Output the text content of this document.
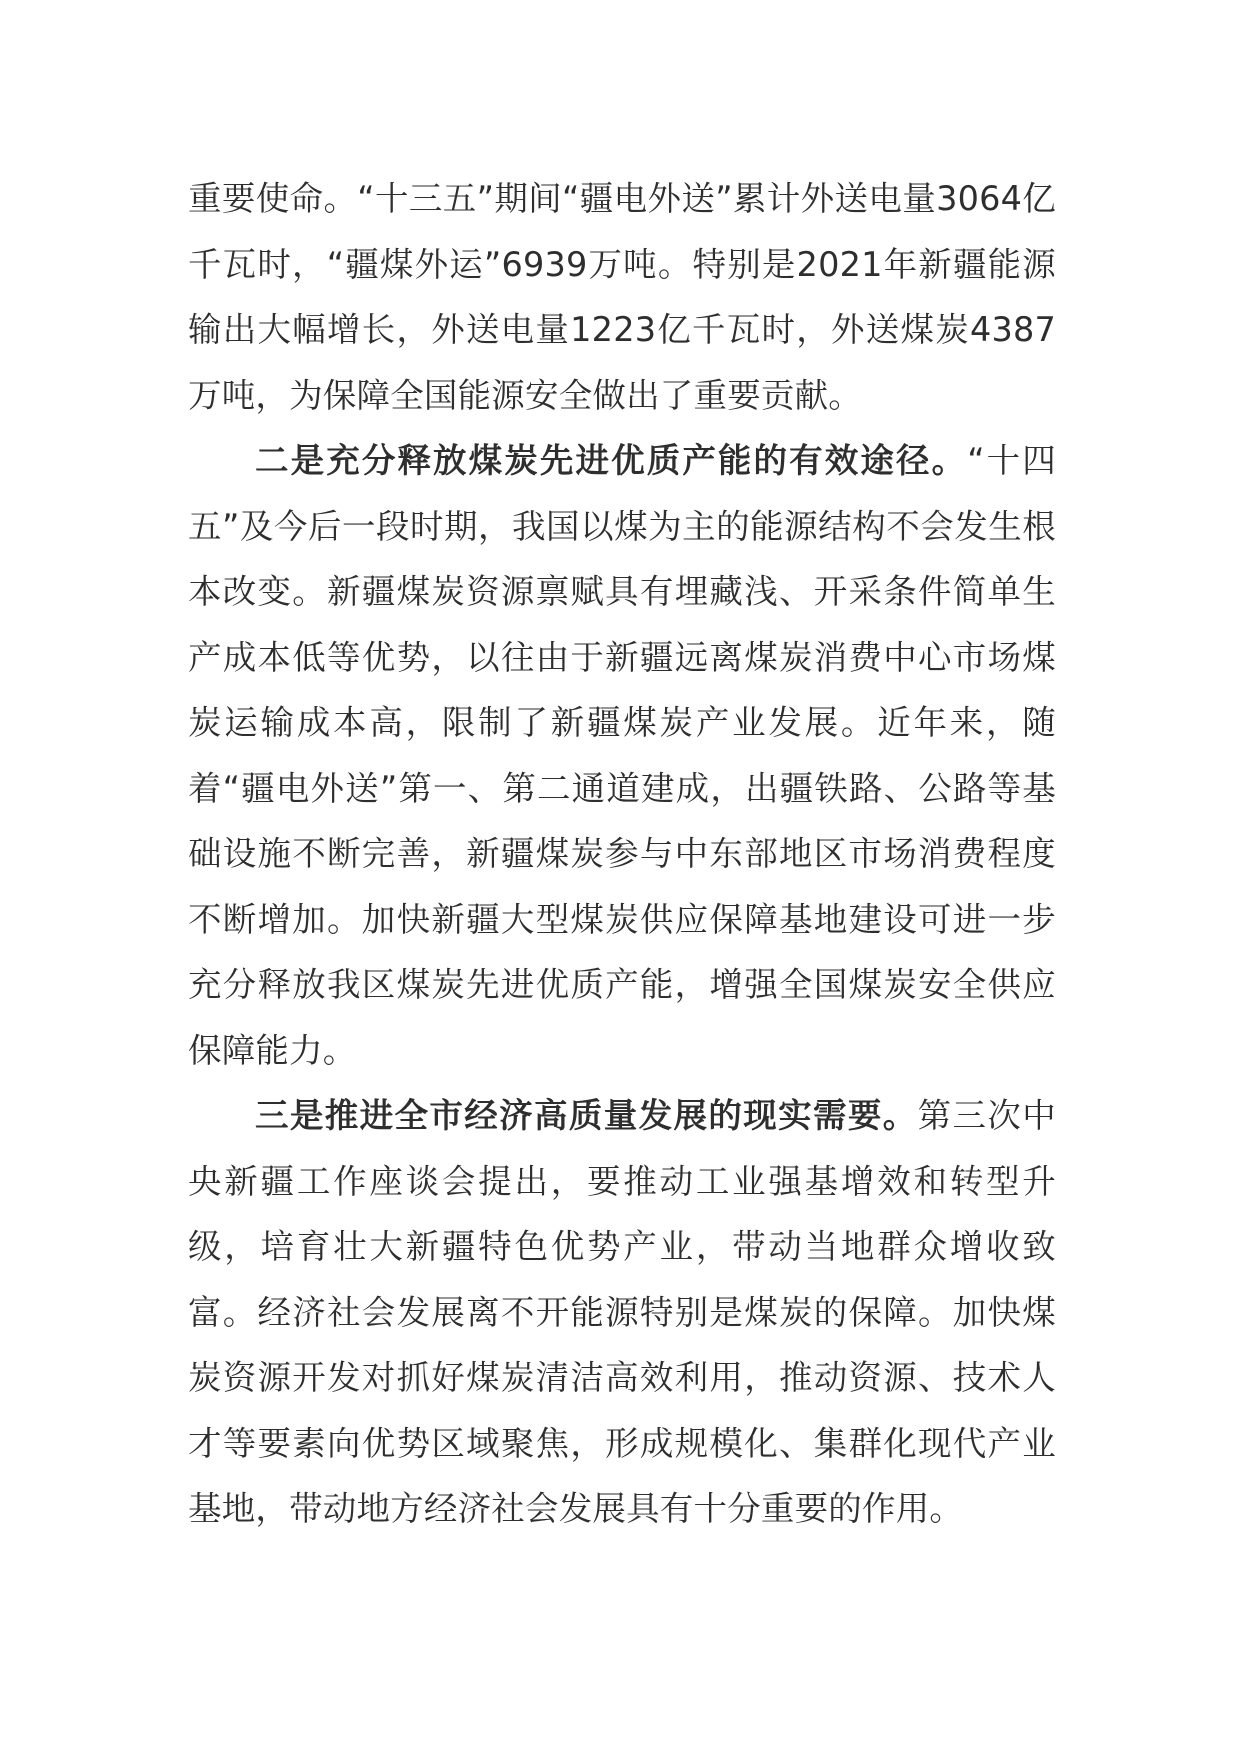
重要使命。“十三五”期间“疆电外送”累计外送电量3064亿千瓦时，“疆煤外运”6939万吨。特别是2021年新疆能源输出大幅增长，外送电量1223亿千瓦时，外送煤炭4387万吨，为保障全国能源安全做出了重要贡献。

二是充分释放煤炭先进优质产能的有效途径。“十四五”及今后一段时期，我国以煤为主的能源结构不会发生根本改变。新疆煤炭资源禀赋具有埋藏浅、开采条件简单生产成本低等优势，以往由于新疆远离煤炭消费中心市场煤炭运输成本高，限制了新疆煤炭产业发展。近年来，随着“疆电外送”第一、第二通道建成，出疆铁路、公路等基础设施不断完善，新疆煤炭参与中东部地区市场消费程度不断增加。加快新疆大型煤炭供应保障基地建设可进一步充分释放我区煤炭先进优质产能，增强全国煤炭安全供应保障能力。

三是推进全市经济高质量发展的现实需要。第三次中央新疆工作座谈会提出，要推动工业强基增效和转型升级，培育壮大新疆特色优势产业，带动当地群众增收致富。经济社会发展离不开能源特别是煤炭的保障。加快煤炭资源开发对抓好煤炭清洁高效利用，推动资源、技术人才等要素向优势区域聚焦，形成规模化、集群化现代产业基地，带动地方经济社会发展具有十分重要的作用。
